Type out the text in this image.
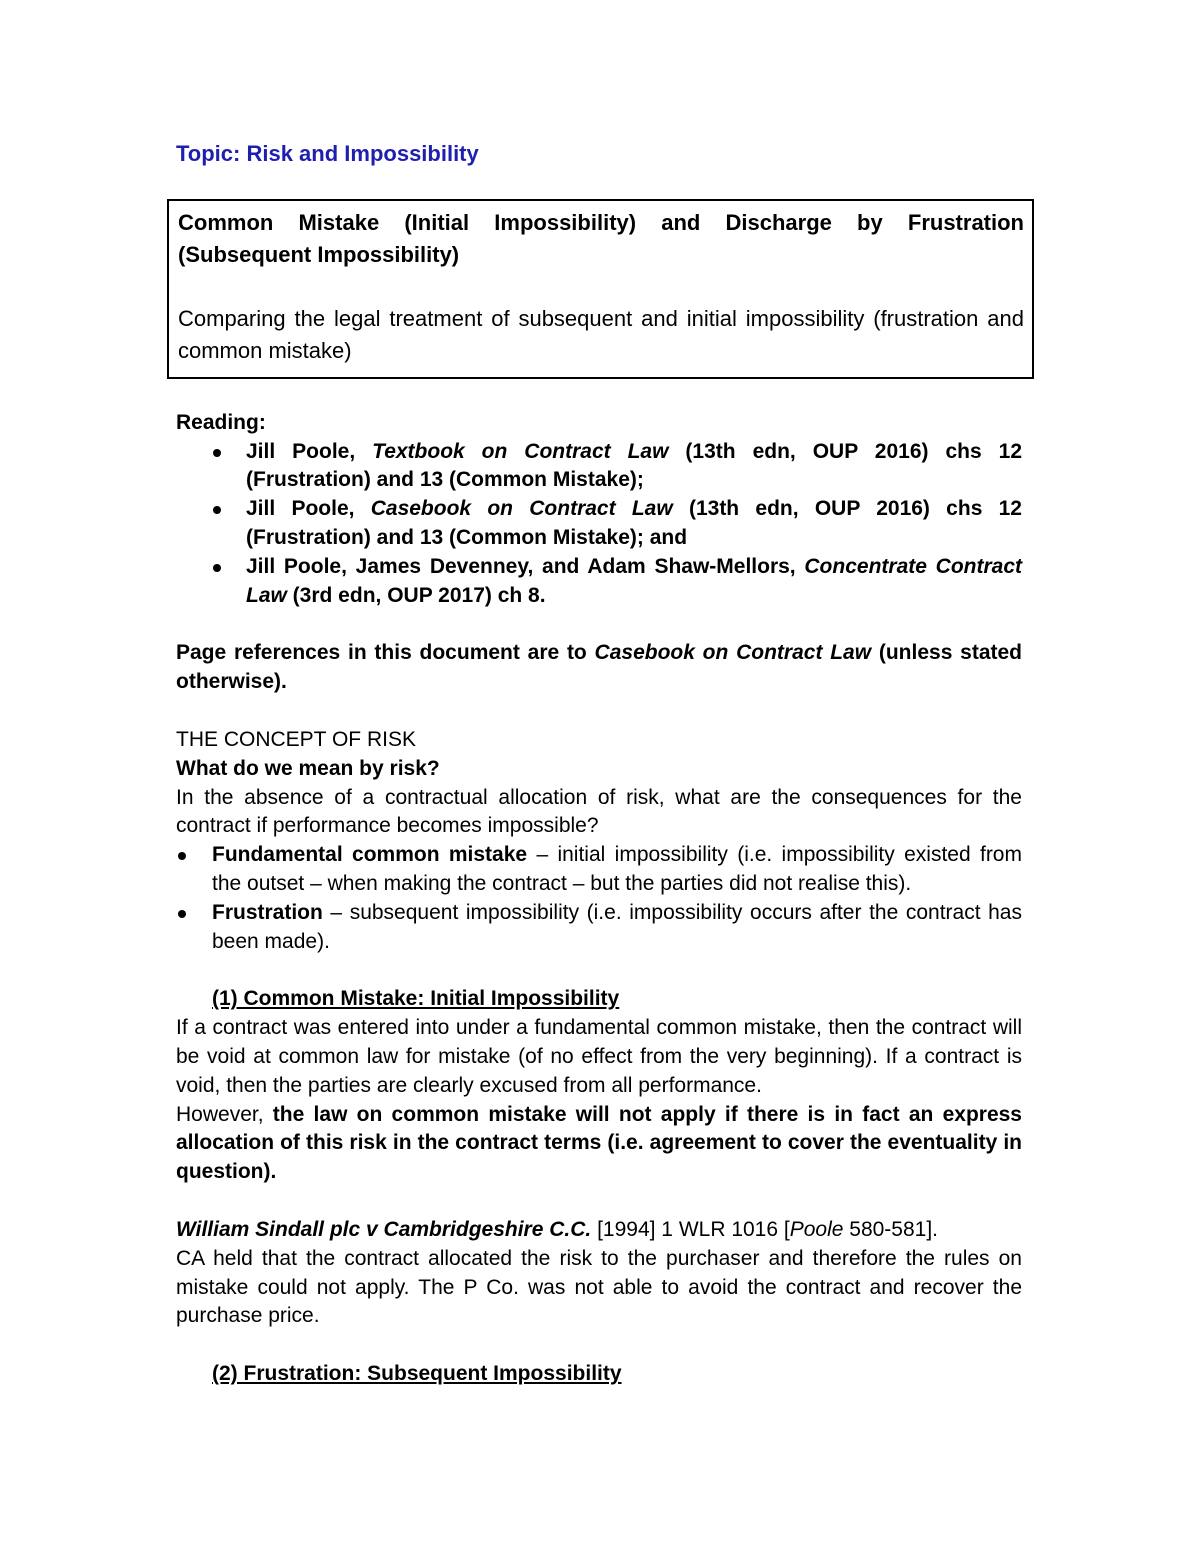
Topic: Risk and Impossibility

Common Mistake (Initial Impossibility) and Discharge by Frustration (Subsequent Impossibility)

Comparing the legal treatment of subsequent and initial impossibility (frustration and common mistake)

Reading:

Jill Poole, Textbook on Contract Law (13th edn, OUP 2016) chs 12 (Frustration) and 13 (Common Mistake);
Jill Poole, Casebook on Contract Law (13th edn, OUP 2016) chs 12 (Frustration) and 13 (Common Mistake); and
Jill Poole, James Devenney, and Adam Shaw-Mellors, Concentrate Contract Law (3rd edn, OUP 2017) ch 8.

Page references in this document are to Casebook on Contract Law (unless stated otherwise).

THE CONCEPT OF RISK

What do we mean by risk?

In the absence of a contractual allocation of risk, what are the consequences for the contract if performance becomes impossible?

Fundamental common mistake – initial impossibility (i.e. impossibility existed from the outset – when making the contract – but the parties did not realise this).
Frustration – subsequent impossibility (i.e. impossibility occurs after the contract has been made).

(1) Common Mistake: Initial Impossibility

If a contract was entered into under a fundamental common mistake, then the contract will be void at common law for mistake (of no effect from the very beginning). If a contract is void, then the parties are clearly excused from all performance.

However, the law on common mistake will not apply if there is in fact an express allocation of this risk in the contract terms (i.e. agreement to cover the eventuality in question).

William Sindall plc v Cambridgeshire C.C. [1994] 1 WLR 1016 [Poole 580-581].

CA held that the contract allocated the risk to the purchaser and therefore the rules on mistake could not apply. The P Co. was not able to avoid the contract and recover the purchase price.

(2) Frustration: Subsequent Impossibility
